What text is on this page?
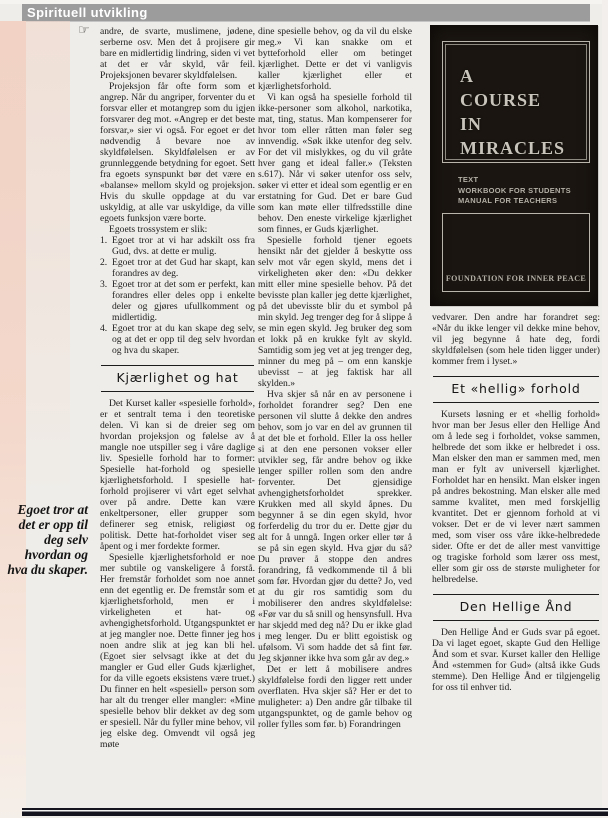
Spirituell utvikling
☞
Egoet tror at det er opp til deg selv hvordan og hva du skaper.

andre, de svarte, muslimene, jødene, serberne osv. Men det å projisere gir bare en midlertidig lindring, siden vi vet at det er vår skyld, vår feil. Projeksjonen bevarer skyldfølelsen.

Projeksjon får ofte form som et angrep. Når du angriper, forventer du et forsvar eller et motangrep som du igjen forsvarer deg mot. «Angrep er det beste forsvar,» sier vi også. For egoet er det nødvendig å bevare noe av skyldfølelsen. Skyldfølelsen er av grunnleggende betydning for egoet. Sett fra egoets synspunkt bør det være en «balanse» mellom skyld og projeksjon. Hvis du skulle oppdage at du var uskyldig, at alle var uskyldige, da ville egoets funksjon være borte.

Egoets trossystem er slik:

1. Egoet tror at vi har adskilt oss fra Gud, dvs. at dette er mulig.
2. Egoet tror at det Gud har skapt, kan forandres av deg.
3. Egoet tror at det som er perfekt, kan forandres eller deles opp i enkelte deler og gjøres ufullkomment og midlertidig.
4. Egoet tror at du kan skape deg selv, og at det er opp til deg selv hvordan og hva du skaper.
Kjærlighet og hat

Det Kurset kaller «spesielle forhold», er et sentralt tema i den teoretiske delen. Vi kan si de dreier seg om hvordan projeksjon og følelse av å mangle noe utspiller seg i våre daglige liv. Spesielle forhold har to former: Spesielle hat-forhold og spesielle kjærlighetsforhold. I spesielle hat-forhold projiserer vi vårt eget selvhat over på andre. Dette kan være enkeltpersoner, eller grupper som definerer seg etnisk, religiøst og politisk. Dette hat-forholdet viser seg åpent og i mer fordekte former.

Spesielle kjærlighetsforhold er noe mer subtile og vanskeligere å forstå. Her fremstår forholdet som noe annet enn det egentlig er. De fremstår som et kjærlighetsforhold, men er i virkeligheten et hat- og avhengighetsforhold. Utgangspunktet er at jeg mangler noe. Dette finner jeg hos noen andre slik at jeg kan bli hel. (Egoet sier selvsagt ikke at det du mangler er Gud eller Guds kjærlighet, for da ville egoets eksistens være truet.) Du finner en helt «spesiell» person som har alt du trenger eller mangler: «Mine spesielle behov blir dekket av deg som er spesiell. Når du fyller mine behov, vil jeg elske deg. Omvendt vil også jeg møte

dine spesielle behov, og da vil du elske meg.» Vi kan snakke om et bytteforhold eller om betinget kjærlighet. Dette er det vi vanligvis kaller kjærlighet eller et kjærlighetsforhold.

Vi kan også ha spesielle forhold til ikke-personer som alkohol, narkotika, mat, ting, status. Man kompenserer for hvor tom eller råtten man føler seg innvendig. «Søk ikke utenfor deg selv. For det vil mislykkes, og du vil gråte hver gang et ideal faller.» (Teksten s.617). Når vi søker utenfor oss selv, søker vi etter et ideal som egentlig er en erstatning for Gud. Det er bare Gud som kan møte eller tilfredsstille dine behov. Den eneste virkelige kjærlighet som finnes, er Guds kjærlighet.

Spesielle forhold tjener egoets hensikt når det gjelder å beskytte oss selv mot vår egen skyld, mens det i virkeligheten øker den: «Du dekker mitt eller mine spesielle behov. På det bevisste plan kaller jeg dette kjærlighet, på det ubevisste blir du et symbol på min skyld. Jeg trenger deg for å slippe å se min egen skyld. Jeg bruker deg som et lokk på en krukke fylt av skyld. Samtidig som jeg vet at jeg trenger deg, minner du meg på – om enn kanskje ubevisst – at jeg faktisk har all skylden.»

Hva skjer så når en av personene i forholdet forandrer seg? Den ene personen vil slutte å dekke den andres behov, som jo var en del av grunnen til at det ble et forhold. Eller la oss heller si at den ene personen vokser eller utvikler seg, får andre behov og ikke lenger spiller rollen som den andre forventer. Det gjensidige avhengighetsforholdet sprekker. Krukken med all skyld åpnes. Du begynner å se din egen skyld, hvor forferdelig du tror du er. Dette gjør du alt for å unngå. Ingen orker eller tør å se på sin egen skyld. Hva gjør du så? Du prøver å stoppe den andres forandring, få vedkommende til å bli som før. Hvordan gjør du dette? Jo, ved at du gir ros samtidig som du mobiliserer den andres skyldfølelse: «Før var du så snill og hensynsfull. Hva har skjedd med deg nå? Du er ikke glad i meg lenger. Du er blitt egoistisk og ufølsom. Vi som hadde det så fint før. Jeg skjønner ikke hva som går av deg.»

Det er lett å mobilisere andres skyldfølelse fordi den ligger rett under overflaten. Hva skjer så? Her er det to muligheter: a) Den andre går tilbake til utgangspunktet, og de gamle behov og roller fylles som før. b) Forandringen

A
COURSE
IN
MIRACLES
TEXT
WORKBOOK FOR STUDENTS
MANUAL FOR TEACHERS
FOUNDATION FOR INNER PEACE

vedvarer. Den andre har forandret seg: «Når du ikke lenger vil dekke mine behov, vil jeg begynne å hate deg, fordi skyldfølelsen (som hele tiden ligger under) kommer frem i lyset.»

Et «hellig» forhold

Kursets løsning er et «hellig forhold» hvor man ber Jesus eller den Hellige Ånd om å lede seg i forholdet, vokse sammen, helbrede det som ikke er helbredet i oss. Man elsker den man er sammen med, men man er fylt av universell kjærlighet. Forholdet har en hensikt. Man elsker ingen på andres bekostning. Man elsker alle med samme kvalitet, men med forskjellig kvantitet. Det er gjennom forhold at vi vokser. Det er de vi lever nært sammen med, som viser oss våre ikke-helbredede sider. Ofte er det de aller mest vanvittige og tragiske forhold som lærer oss mest, eller som gir oss de største muligheter for helbredelse.

Den Hellige Ånd

Den Hellige Ånd er Guds svar på egoet. Da vi laget egoet, skapte Gud den Hellige Ånd som et svar. Kurset kaller den Hellige Ånd «stemmen for Gud» (altså ikke Guds stemme). Den Hellige Ånd er tilgjengelig for oss til enhver tid.
